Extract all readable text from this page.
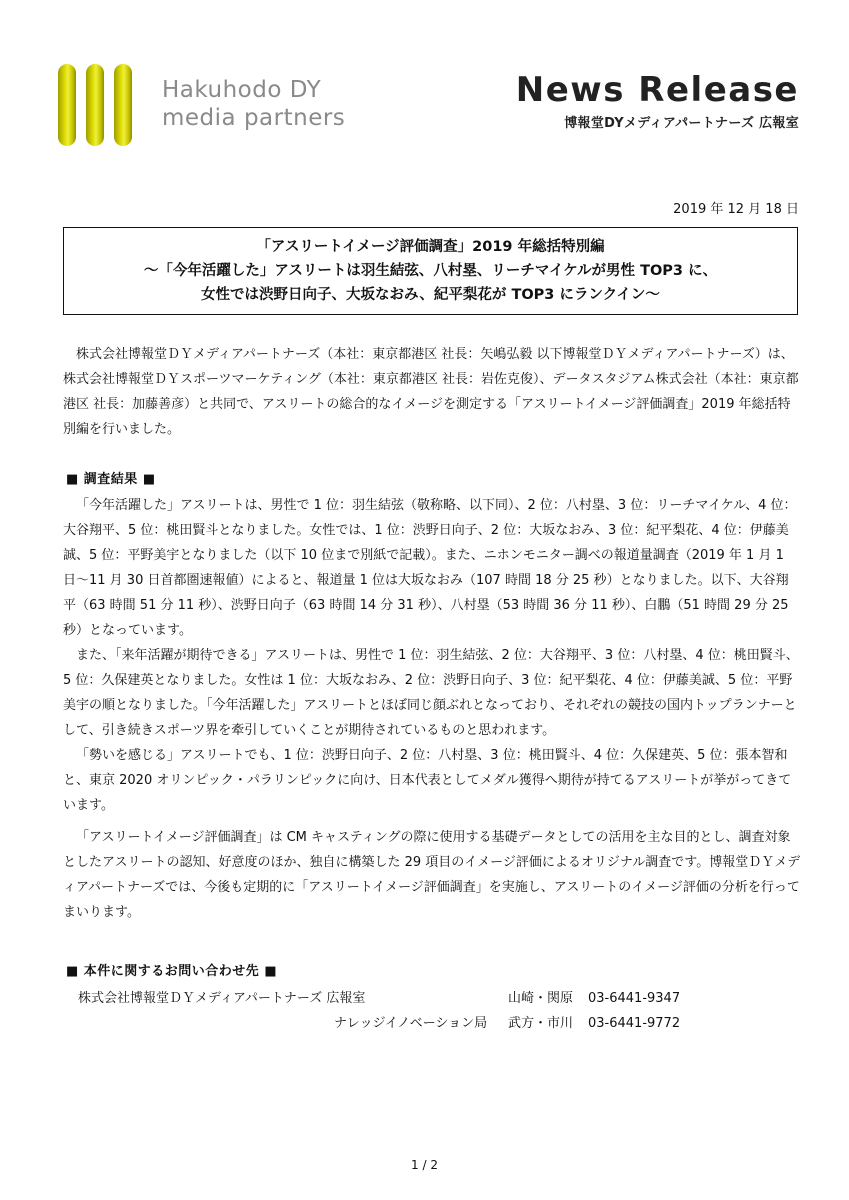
Hakuhodo DY
media partners
News Release
博報堂DYメディアパートナーズ 広報室
2019 年 12 月 18 日
「アスリートイメージ評価調査」2019 年総括特別編
〜「今年活躍した」アスリートは羽生結弦、八村塁、リーチマイケルが男性 TOP3 に、
女性では渋野日向子、大坂なおみ、紀平梨花が TOP3 にランクイン〜

株式会社博報堂ＤＹメディアパートナーズ（本社：東京都港区 社長：矢嶋弘毅 以下博報堂ＤＹメディアパートナーズ）は、株式会社博報堂ＤＹスポーツマーケティング（本社：東京都港区 社長：岩佐克俊）、データスタジアム株式会社（本社：東京都港区 社長：加藤善彦）と共同で、アスリートの総合的なイメージを測定する「アスリートイメージ評価調査」2019 年総括特別編を行いました。

■ 調査結果 ■

「今年活躍した」アスリートは、男性で 1 位：羽生結弦（敬称略、以下同）、2 位：八村塁、3 位：リーチマイケル、4 位：大谷翔平、5 位：桃田賢斗となりました。女性では、1 位：渋野日向子、2 位：大坂なおみ、3 位：紀平梨花、4 位：伊藤美誠、5 位：平野美宇となりました（以下 10 位まで別紙で記載）。また、ニホンモニター調べの報道量調査（2019 年 1 月 1 日〜11 月 30 日首都圏速報値）によると、報道量 1 位は大坂なおみ（107 時間 18 分 25 秒）となりました。以下、大谷翔平（63 時間 51 分 11 秒）、渋野日向子（63 時間 14 分 31 秒）、八村塁（53 時間 36 分 11 秒）、白鵬（51 時間 29 分 25 秒）となっています。

また、「来年活躍が期待できる」アスリートは、男性で 1 位：羽生結弦、2 位：大谷翔平、3 位：八村塁、4 位：桃田賢斗、5 位：久保建英となりました。女性は 1 位：大坂なおみ、2 位：渋野日向子、3 位：紀平梨花、4 位：伊藤美誠、5 位：平野美宇の順となりました。「今年活躍した」アスリートとほぼ同じ顔ぶれとなっており、それぞれの競技の国内トップランナーとして、引き続きスポーツ界を牽引していくことが期待されているものと思われます。

「勢いを感じる」アスリートでも、1 位：渋野日向子、2 位：八村塁、3 位：桃田賢斗、4 位：久保建英、5 位：張本智和と、東京 2020 オリンピック・パラリンピックに向け、日本代表としてメダル獲得へ期待が持てるアスリートが挙がってきています。

「アスリートイメージ評価調査」は CM キャスティングの際に使用する基礎データとしての活用を主な目的とし、調査対象としたアスリートの認知、好意度のほか、独自に構築した 29 項目のイメージ評価によるオリジナル調査です。博報堂ＤＹメディアパートナーズでは、今後も定期的に「アスリートイメージ評価調査」を実施し、アスリートのイメージ評価の分析を行ってまいります。

■ 本件に関するお問い合わせ先 ■
株式会社博報堂ＤＹメディアパートナーズ 広報室	山崎・関原 03-6441-9347
ナレッジイノベーション局 武方・市川 03-6441-9772
1 / 2
